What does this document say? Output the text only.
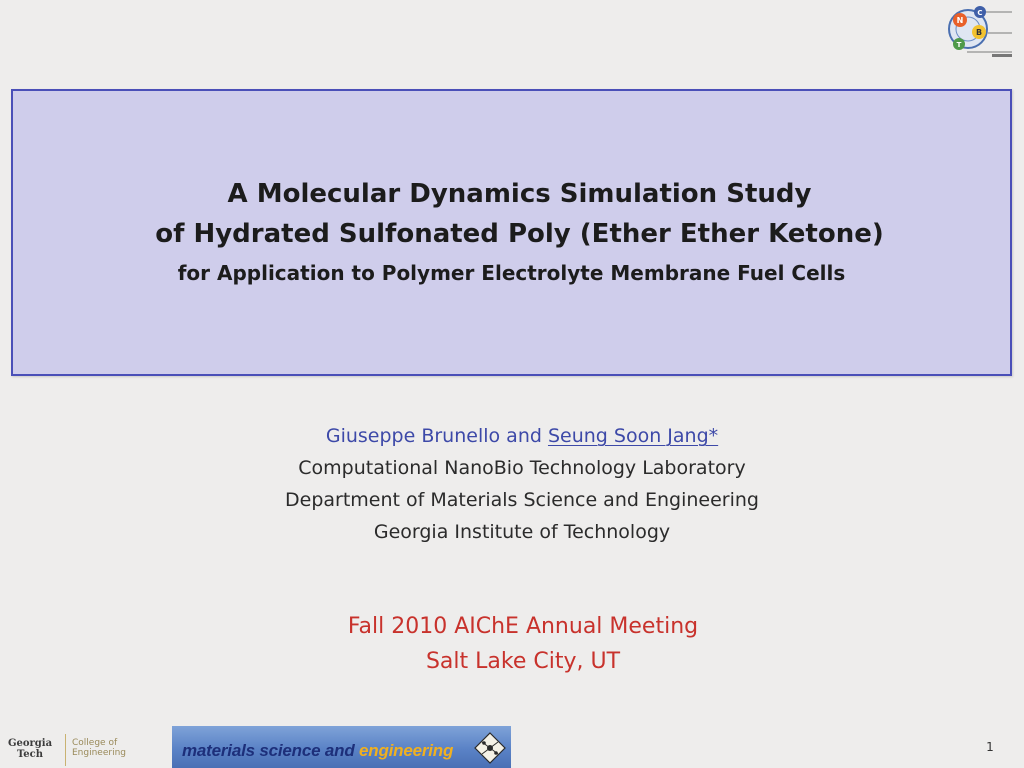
N
C
B
T
A Molecular Dynamics Simulation Study
of Hydrated Sulfonated Poly (Ether Ether Ketone)
for Application to Polymer Electrolyte Membrane Fuel Cells
Giuseppe Brunello and Seung Soon Jang*
Computational NanoBio Technology Laboratory
Department of Materials Science and Engineering
Georgia Institute of Technology
Fall 2010 AIChE Annual Meeting
Salt Lake City, UT
Georgia
Tech
College of
Engineering	materials science and engineering	1
